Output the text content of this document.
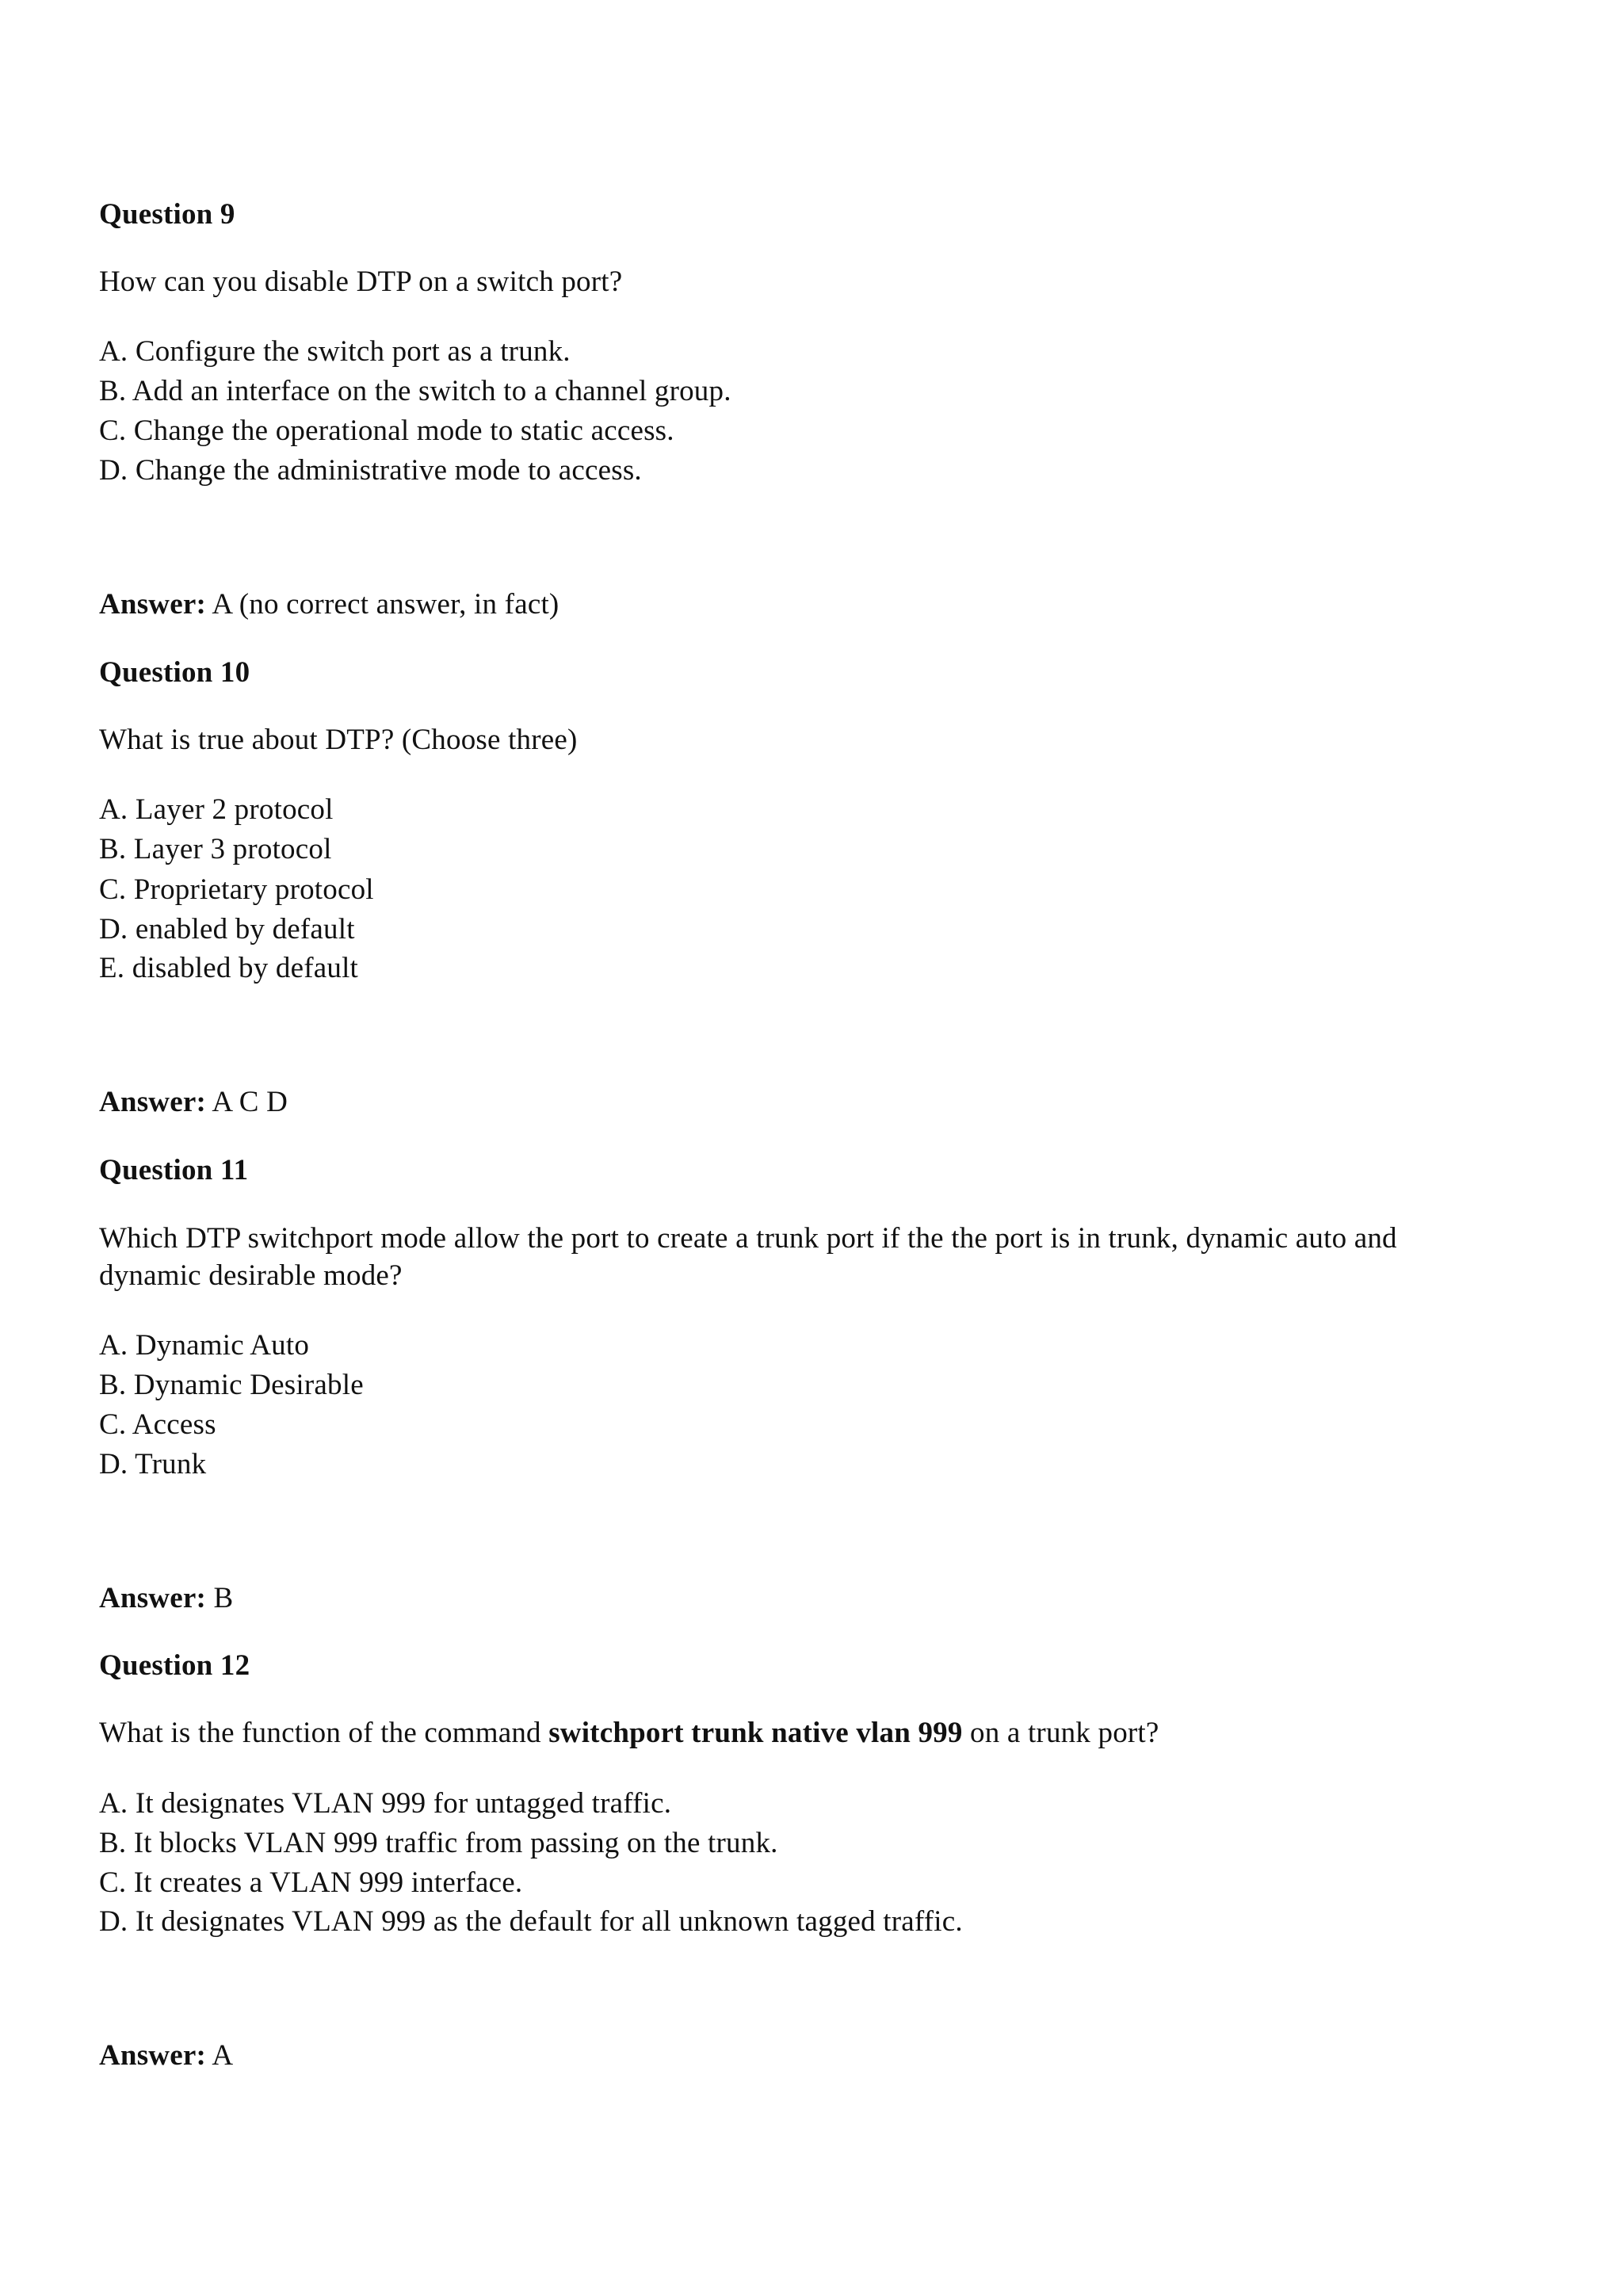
Question 9
How can you disable DTP on a switch port?
A. Configure the switch port as a trunk.
B. Add an interface on the switch to a channel group.
C. Change the operational mode to static access.
D. Change the administrative mode to access.
Answer: A (no correct answer, in fact)
Question 10
What is true about DTP? (Choose three)
A. Layer 2 protocol
B. Layer 3 protocol
C. Proprietary protocol
D. enabled by default
E. disabled by default
Answer: A C D
Question 11
Which DTP switchport mode allow the port to create a trunk port if the the port is in trunk, dynamic auto and
dynamic desirable mode?
A. Dynamic Auto
B. Dynamic Desirable
C. Access
D. Trunk
Answer: B
Question 12
What is the function of the command switchport trunk native vlan 999 on a trunk port?
A. It designates VLAN 999 for untagged traffic.
B. It blocks VLAN 999 traffic from passing on the trunk.
C. It creates a VLAN 999 interface.
D. It designates VLAN 999 as the default for all unknown tagged traffic.
Answer: A
